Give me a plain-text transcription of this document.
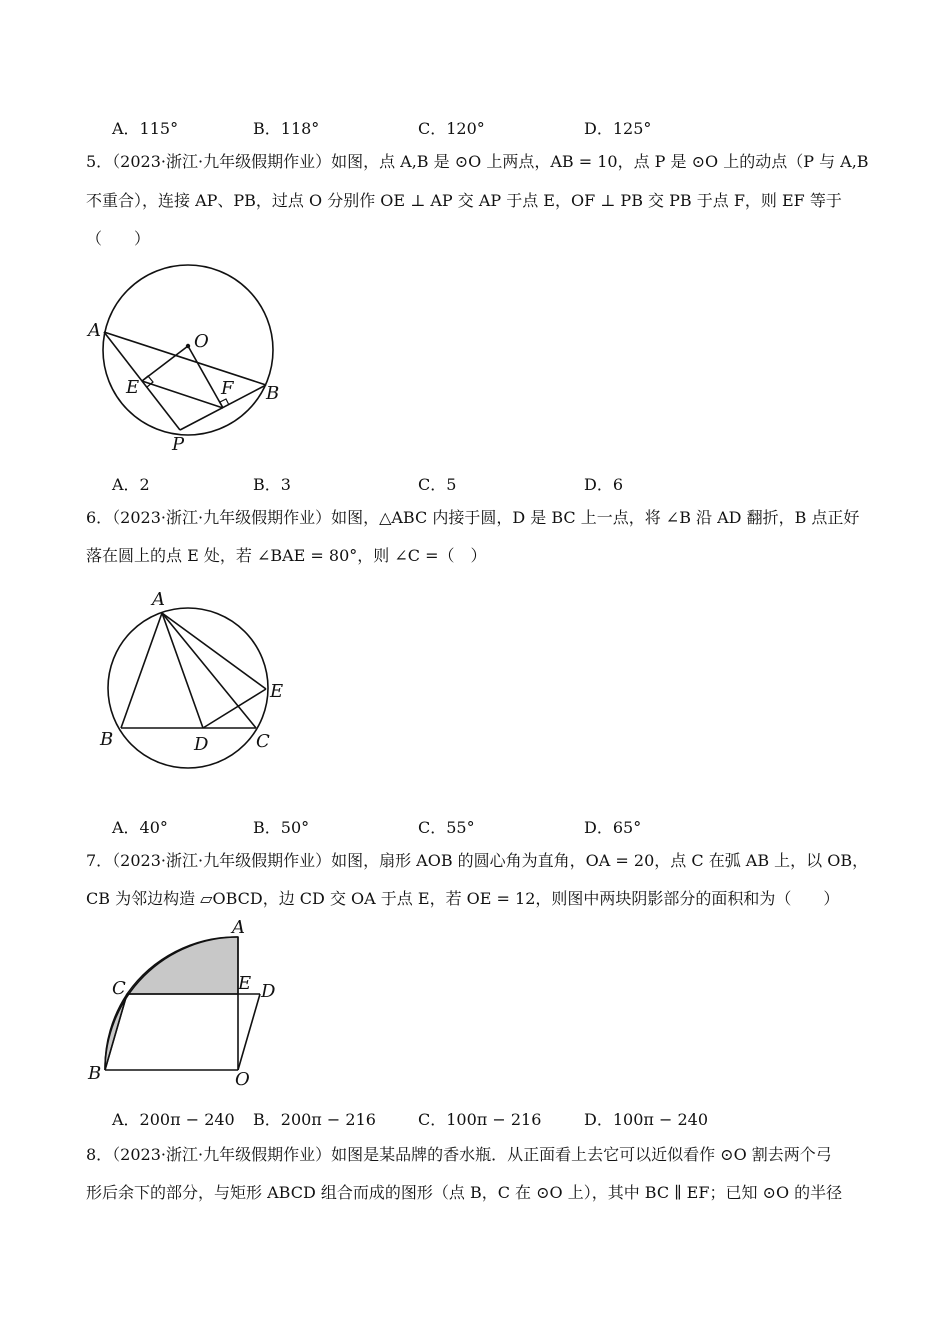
A．115°	B．118°	C．120°	D．125°
5．（2023·浙江·九年级假期作业）如图，点 A,B 是 ⊙O 上两点，AB = 10，点 P 是 ⊙O 上的动点（P 与 A,B
不重合），连接 AP、PB，过点 O 分别作 OE ⊥ AP 交 AP 于点 E，OF ⊥ PB 交 PB 于点 F，则 EF 等于
（　　）
A
O
E	F B
P
A．2	B．3	C．5	D．6
6．（2023·浙江·九年级假期作业）如图，△ABC 内接于圆，D 是 BC 上一点，将 ∠B 沿 AD 翻折，B 点正好
落在圆上的点 E 处，若 ∠BAE = 80°，则 ∠C =（　）
A
B	D	C
E
A．40°	B．50°	C．55°	D．65°
7．（2023·浙江·九年级假期作业）如图，扇形 AOB 的圆心角为直角，OA = 20，点 C 在弧 AB 上，以 OB，
CB 为邻边构造 ▱OBCD，边 CD 交 OA 于点 E，若 OE = 12，则图中两块阴影部分的面积和为（　　）
A
C	E D
B	O
A．200π − 240 B．200π − 216	C．100π − 216	D．100π − 240
8．（2023·浙江·九年级假期作业）如图是某品牌的香水瓶．从正面看上去它可以近似看作 ⊙O 割去两个弓
形后余下的部分，与矩形 ABCD 组合而成的图形（点 B，C 在 ⊙O 上），其中 BC ∥ EF；已知 ⊙O 的半径
